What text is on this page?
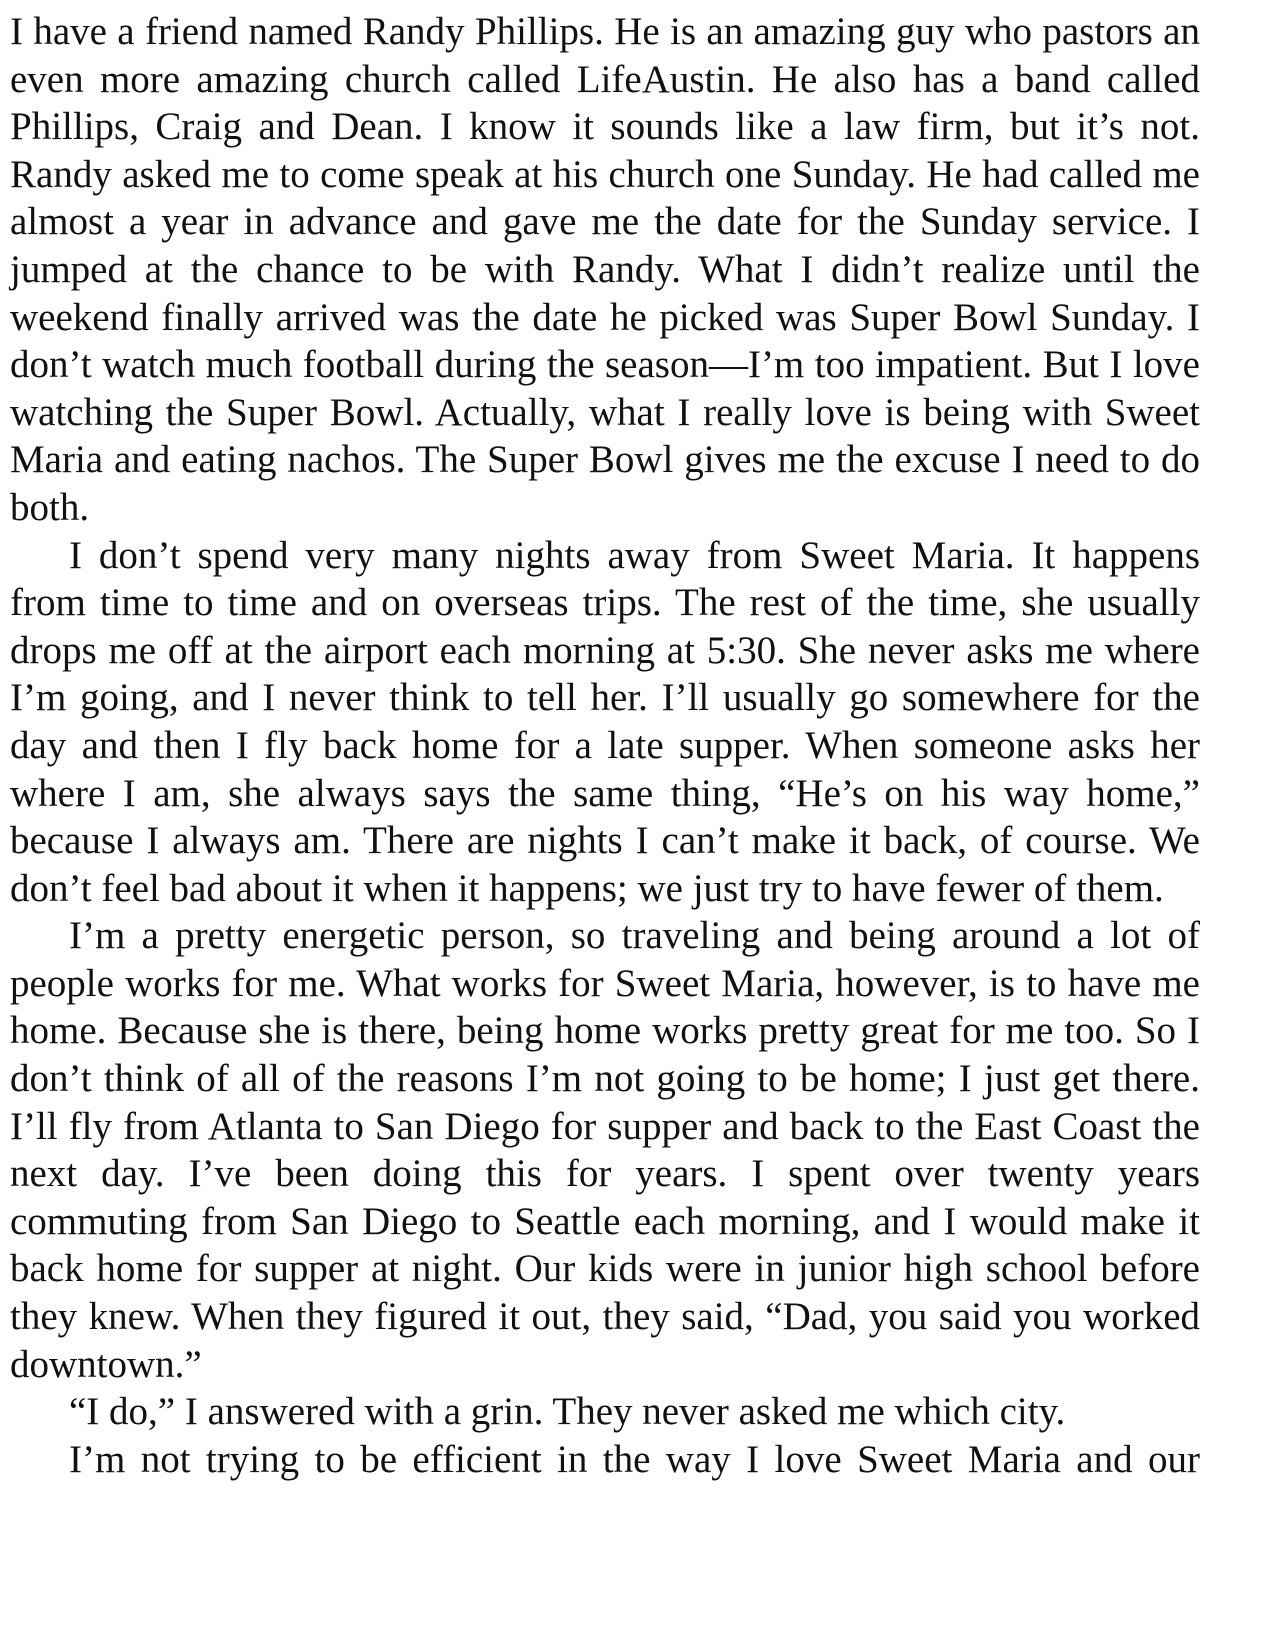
I have a friend named Randy Phillips. He is an amazing guy who pastors an even more amazing church called LifeAustin. He also has a band called Phillips, Craig and Dean. I know it sounds like a law firm, but it’s not. Randy asked me to come speak at his church one Sunday. He had called me almost a year in advance and gave me the date for the Sunday service. I jumped at the chance to be with Randy. What I didn’t realize until the weekend finally arrived was the date he picked was Super Bowl Sunday. I don’t watch much football during the season—I’m too impatient. But I love watching the Super Bowl. Actually, what I really love is being with Sweet Maria and eating nachos. The Super Bowl gives me the excuse I need to do both.

I don’t spend very many nights away from Sweet Maria. It happens from time to time and on overseas trips. The rest of the time, she usually drops me off at the airport each morning at 5:30. She never asks me where I’m going, and I never think to tell her. I’ll usually go somewhere for the day and then I fly back home for a late supper. When someone asks her where I am, she always says the same thing, “He’s on his way home,” because I always am. There are nights I can’t make it back, of course. We don’t feel bad about it when it happens; we just try to have fewer of them.

I’m a pretty energetic person, so traveling and being around a lot of people works for me. What works for Sweet Maria, however, is to have me home. Because she is there, being home works pretty great for me too. So I don’t think of all of the reasons I’m not going to be home; I just get there. I’ll fly from Atlanta to San Diego for supper and back to the East Coast the next day. I’ve been doing this for years. I spent over twenty years commuting from San Diego to Seattle each morning, and I would make it back home for supper at night. Our kids were in junior high school before they knew. When they figured it out, they said, “Dad, you said you worked downtown.”

“I do,” I answered with a grin. They never asked me which city.

I’m not trying to be efficient in the way I love Sweet Maria and our
